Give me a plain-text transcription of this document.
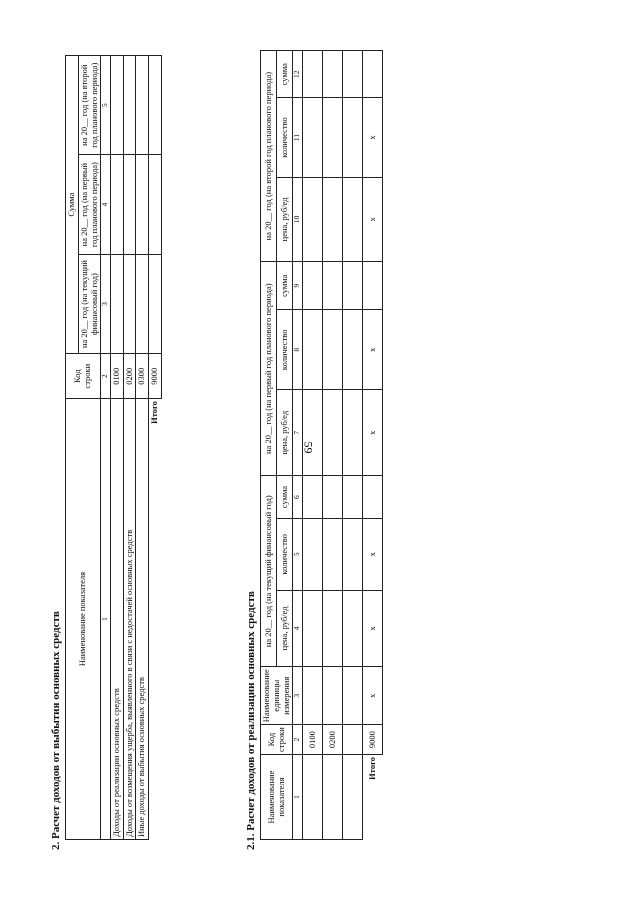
59
2. Расчет доходов от выбытия основных средств Наименование показателя	Код строки	Сумма		
		на 20__ год (на текущий финансовый год)	на 20__ год (на первый год планового периода)	на 20__ год (на второй год планового периода)
1	2	3	4	5
Доходы от реализации основных средств	0100			
Доходы от возмещения ущерба, выявленного в связи с недостачей основных средств	0200			
Иные доходы от выбытия основных средств	0300			
Итого	9000			
2.1. Расчет доходов от реализации основных средств Наименование показателя	Код строки	Наименование единицы измерения	на 20__ год (на текущий финансовый год)			на 20__ год (на первый год планового периода)			на 20__ год (на второй год планового периода)		
			цена, руб/ед	количество	сумма	цена, руб/ед	количество	сумма	цена, руб/ед	количество	сумма
1	2	3	4	5	6	7	8	9	10	11	12
	0100										
	0200										

Итого	9000	x	x	x		x	x		x	x	
